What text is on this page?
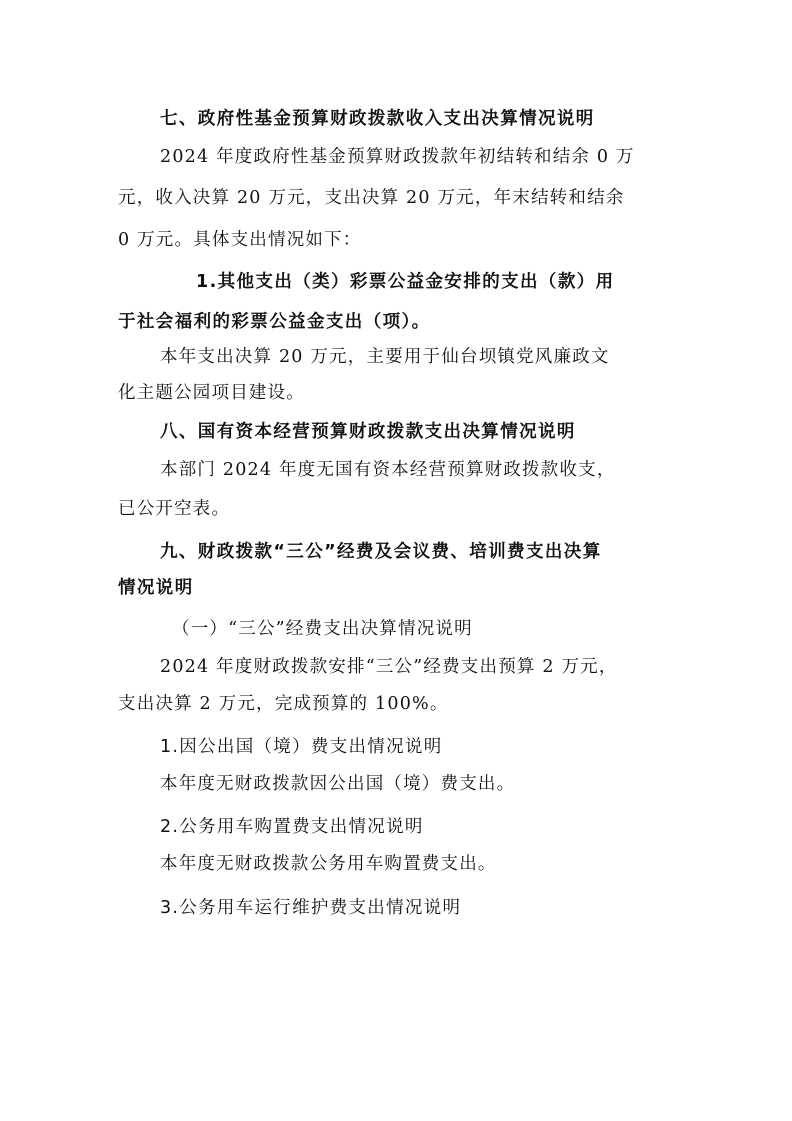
七、政府性基金预算财政拨款收入支出决算情况说明
2024 年度政府性基金预算财政拨款年初结转和结余 0 万
元，收入决算 20 万元，支出决算 20 万元，年末结转和结余
0 万元。具体支出情况如下：
1.其他支出（类）彩票公益金安排的支出（款）用
于社会福利的彩票公益金支出（项）。
本年支出决算 20 万元，主要用于仙台坝镇党风廉政文
化主题公园项目建设。
八、国有资本经营预算财政拨款支出决算情况说明
本部门 2024 年度无国有资本经营预算财政拨款收支，
已公开空表。
九、财政拨款“三公”经费及会议费、培训费支出决算
情况说明
（一）“三公”经费支出决算情况说明
2024 年度财政拨款安排“三公”经费支出预算 2 万元，
支出决算 2 万元，完成预算的 100%。
1.因公出国（境）费支出情况说明
本年度无财政拨款因公出国（境）费支出。
2.公务用车购置费支出情况说明
本年度无财政拨款公务用车购置费支出。
3.公务用车运行维护费支出情况说明
